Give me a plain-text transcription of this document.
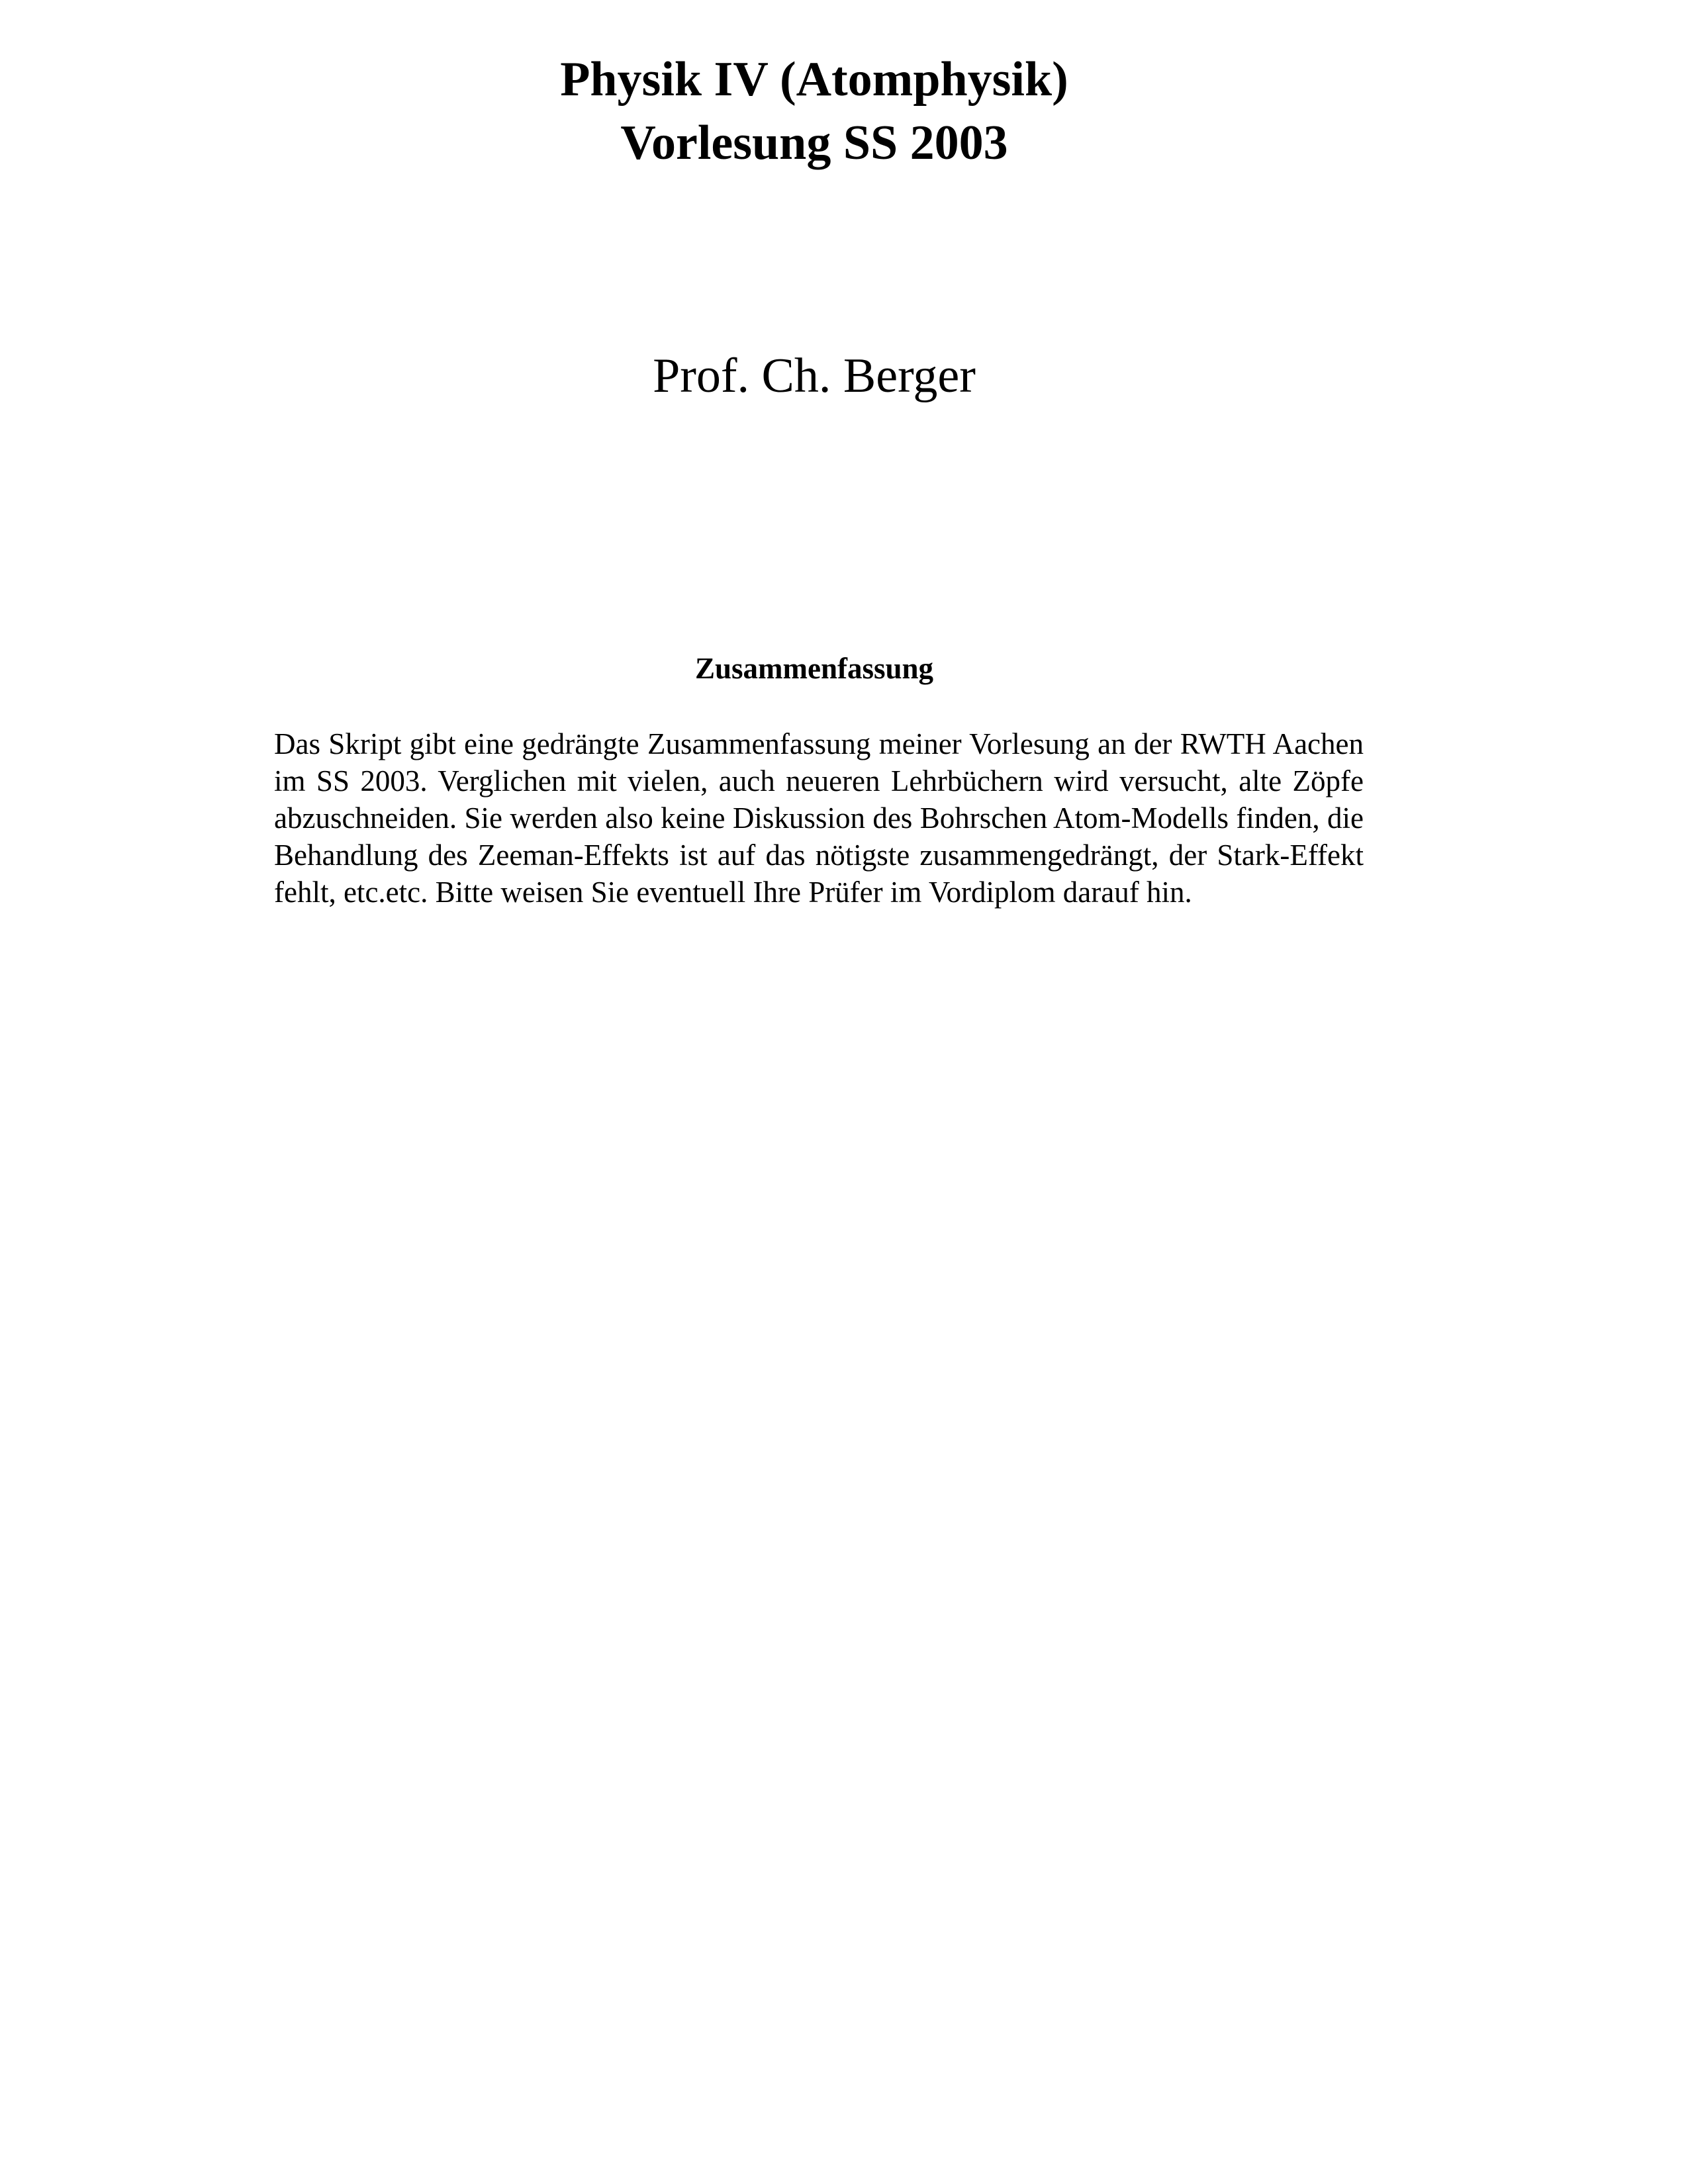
Physik IV (Atomphysik)
Vorlesung SS 2003
Prof. Ch. Berger
Zusammenfassung
Das Skript gibt eine gedrängte Zusammenfassung meiner Vorlesung an der RWTH Aachen
im SS 2003. Verglichen mit vielen, auch neueren Lehrbüchern wird versucht, alte Zöpfe
abzuschneiden. Sie werden also keine Diskussion des Bohrschen Atom-Modells finden, die
Behandlung des Zeeman-Effekts ist auf das nötigste zusammengedrängt, der Stark-Effekt
fehlt, etc.etc. Bitte weisen Sie eventuell Ihre Prüfer im Vordiplom darauf hin.
